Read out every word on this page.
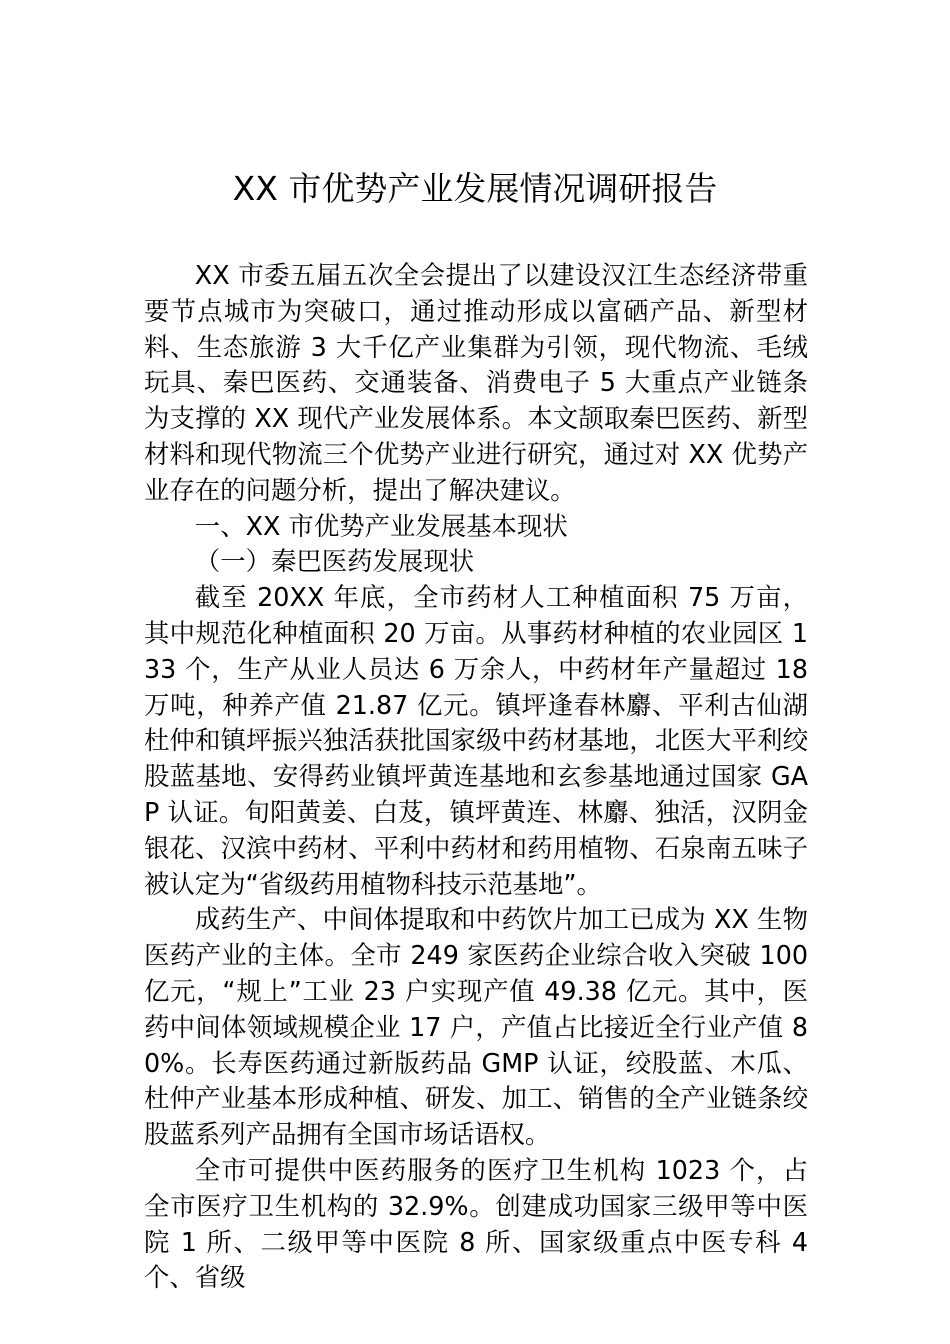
XX 市优势产业发展情况调研报告

XX 市委五届五次全会提出了以建设汉江生态经济带重要节点城市为突破口，通过推动形成以富硒产品、新型材料、生态旅游 3 大千亿产业集群为引领，现代物流、毛绒玩具、秦巴医药、交通装备、消费电子 5 大重点产业链条为支撑的 XX 现代产业发展体系。本文颉取秦巴医药、新型材料和现代物流三个优势产业进行研究，通过对 XX 优势产业存在的问题分析，提出了解决建议。

一、XX 市优势产业发展基本现状

（一）秦巴医药发展现状

截至 20XX 年底，全市药材人工种植面积 75 万亩，其中规范化种植面积 20 万亩。从事药材种植的农业园区 133 个，生产从业人员达 6 万余人，中药材年产量超过 18 万吨，种养产值 21.87 亿元。镇坪逢春林麝、平利古仙湖杜仲和镇坪振兴独活获批国家级中药材基地，北医大平利绞股蓝基地、安得药业镇坪黄连基地和玄参基地通过国家 GAP 认证。旬阳黄姜、白芨，镇坪黄连、林麝、独活，汉阴金银花、汉滨中药材、平利中药材和药用植物、石泉南五味子被认定为“省级药用植物科技示范基地”。

成药生产、中间体提取和中药饮片加工已成为 XX 生物医药产业的主体。全市 249 家医药企业综合收入突破 100 亿元，“规上”工业 23 户实现产值 49.38 亿元。其中，医药中间体领域规模企业 17 户，产值占比接近全行业产值 80%。长寿医药通过新版药品 GMP 认证，绞股蓝、木瓜、杜仲产业基本形成种植、研发、加工、销售的全产业链条绞股蓝系列产品拥有全国市场话语权。

全市可提供中医药服务的医疗卫生机构 1023 个，占全市医疗卫生机构的 32.9%。创建成功国家三级甲等中医院 1 所、二级甲等中医院 8 所、国家级重点中医专科 4 个、省级
